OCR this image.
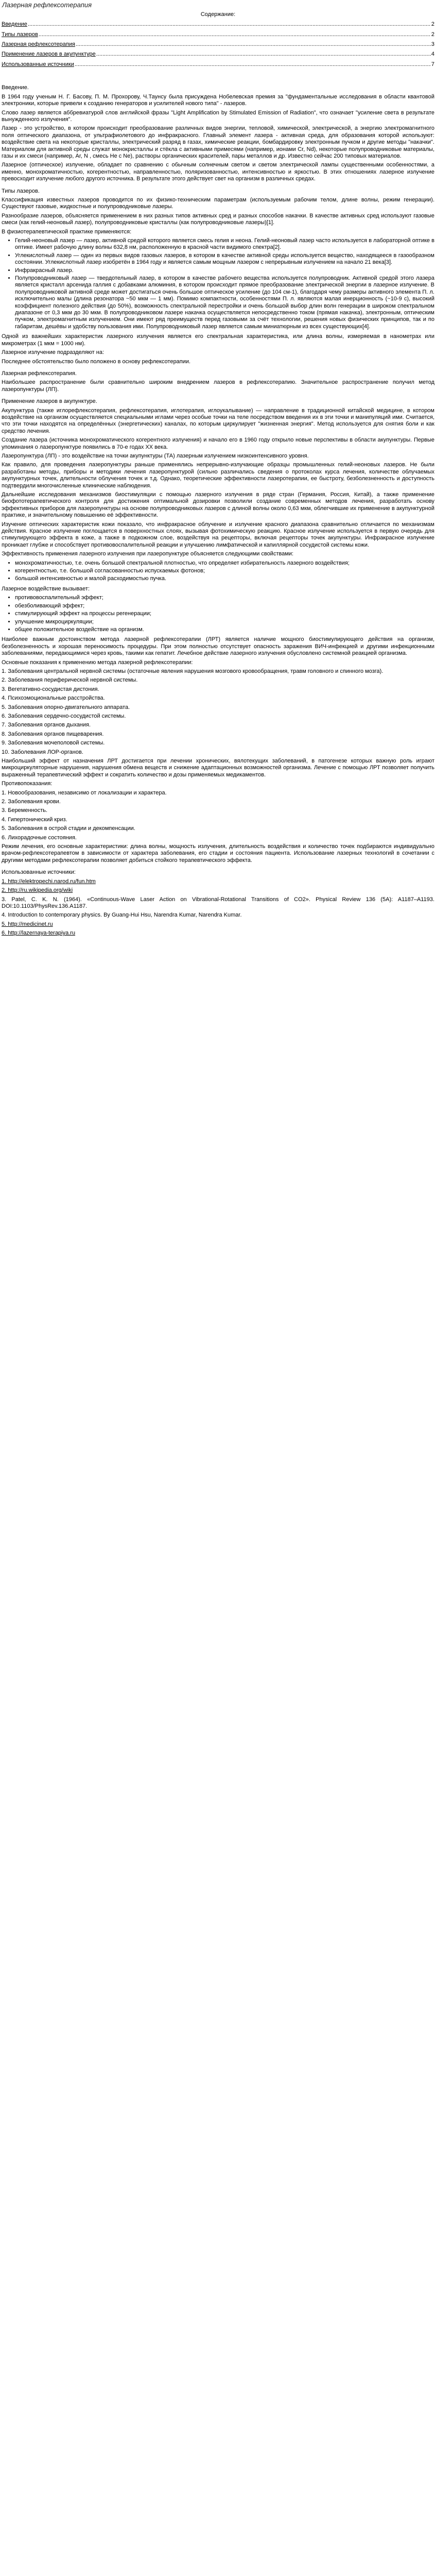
Лазерная рефлексотерапия
Содержание:
Введение .....	2
Типы лазеров .....	2
Лазерная рефлексотерапия .....	3
Применение лазеров в акупунктуре .....	4
Использованные источники .....	7
Введение.

В 1964 году ученым Н. Г. Басову, П. М. Прохорову, Ч.Таунсу была присуждена Нобелевская премия за "фундаментальные исследования в области квантовой электроники, которые привели к созданию генераторов и усилителей нового типа" - лазеров.

Слово лазер является аббревиатурой слов английской фразы "Light Amplification by Stimulated Emission of Radiation", что означает "усиление света в результате вынужденного излучения".

Лазер - это устройство, в котором происходит преобразование различных видов энергии, тепловой, химической, электрической, а энергию электромагнитного поля оптического диапазона, от ультрафиолетового до инфракрасного. Главный элемент лазера - активная среда, для образования которой используют: воздействие света на некоторые кристаллы, электрический разряд в газах, химические реакции, бомбардировку электронным пучком и другие методы "накачки". Материалом для активной среды служат монокристаллы и стёкла с активными примесями (например, ионами Cr, Nd), некоторые полупроводниковые материалы, газы и их смеси (например, Ar, N , смесь He с Ne), растворы органических красителей, пары металлов и др. Известно сейчас 200 типовых материалов.

Лазерное (оптическое) излучение, обладает по сравнению с обычным солнечным светом и светом электрической лампы существенными особенностями, а именно, монохроматичностью, когерентностью, направленностью, поляризованностью, интенсивностью и яркостью. В этих отношениях лазерное излучение превосходит излучение любого другого источника. В результате этого действует свет на организм в различных средах.

Типы лазеров.

Классификация известных лазеров проводится по их физико-техническим параметрам (используемым рабочим телом, длине волны, режим генерации). Существуют газовые, жидкостные и полупроводниковые лазеры.

Разнообразие лазеров, объясняется применением в них разных типов активных сред и разных способов накачки. В качестве активных сред используют газовые смеси (как гелий-неоновый лазер), полупроводниковые кристаллы (как полупроводниковые лазеры)[1].

В физиотерапевтической практике применяются:

• Гелий-неоновый лазер — лазер, активной средой которого является смесь гелия и неона. Гелий-неоновый лазер часто используется в лабораторной оптике в оптике. Имеет рабочую длину волны 632,8 нм, расположенную в красной части видимого спектра[2].
• Углекислотный лазер — один из первых видов газовых лазеров, в котором в качестве активной среды используется вещество, находящееся в газообразном состоянии. Углекислотный лазер изобретён в 1964 году и является самым мощным лазером с непрерывным излучением на начало 21 века[3].
• Инфракрасный лазер.
• Полупроводниковый лазер — твердотельный лазер, в котором в качестве рабочего вещества используется полупроводник. Активной средой этого лазера является кристалл арсенида галлия с добавками алюминия, в котором происходит прямое преобразование электрической энергии в лазерное излучение. В полупроводниковой активной среде может достигаться очень большое оптическое усиление (до 104 см-1), благодаря чему размеры активного элемента П. л. исключительно малы (длина резонатора ~50 мкм — 1 мм). Помимо компактности, особенностями П. л. являются малая инерционность (~10-9 с), высокий коэффициент полезного действия (до 50%), возможность спектральной перестройки и очень большой выбор длин волн генерации в широком спектральном диапазоне от 0,3 мкм до 30 мкм. В полупроводниковом лазере накачка осуществляется непосредственно током (прямая накачка), электронным, оптическим пучком, электромагнитным излучением. Они имеют ряд преимуществ перед газовыми за счёт технологии, решения новых физических принципов, так и по габаритам, дешёвы и удобству пользования ими. Полупроводниковый лазер является самым миниатюрным из всех существующих[4].

Одной из важнейших характеристик лазерного излучения является его спектральная характеристика, или длина волны, измеряемая в нанометрах или микрометрах (1 мкм = 1000 нм).

Лазерное излучение подразделяют на:

Последнее обстоятельство было положено в основу рефлексотерапии.

Лазерная рефлексотерапия.

Наибольшее распространение были сравнительно широким внедрением лазеров в рефлексотерапию. Значительное распространение получил метод лазеропунктуры (ЛП).

Применение лазеров в акупунктуре.

Акупунктура (также иглорефлексотерапия, рефлексотерапия, иглотерапия, иглоукалывание) — направление в традиционной китайской медицине, в котором воздействие на организм осуществляется специальными иглами через особые точки на теле посредством введения их в эти точки и манипуляций ими. Считается, что эти точки находятся на определённых (энергетических) каналах, по которым циркулирует "жизненная энергия". Метод используется для снятия боли и как средство лечения.

Создание лазера (источника монохроматического когерентного излучения) и начало его в 1960 году открыло новые перспективы в области акупунктуры. Первые упоминания о лазеропунктуре появились в 70-е годах XX века.

Лазеропунктура (ЛП) - это воздействие на точки акупунктуры (ТА) лазерным излучением низкоинтенсивного уровня.

Как правило, для проведения лазеропунктуры раньше применялись непрерывно-излучающие образцы промышленных гелий-неоновых лазеров. Не были разработаны методы, приборы и методики лечения лазеропунктурой (сильно различались сведения о протоколах курса лечения, количестве облучаемых акупунктурных точек, длительности облучения точек и т.д. Однако, теоретические эффективности лазеротерапии, ее быстроту, безболезненность и доступность подтвердили многочисленные клинические наблюдения.

Дальнейшие исследования механизмов биостимуляции с помощью лазерного излучения в ряде стран (Германия, Россия, Китай), а также применение биофототерапевтического контроля для достижения оптимальной дозировки позволили создание современных методов лечения, разработать основу эффективных приборов для лазеропунктуры на основе полупроводниковых лазеров с длиной волны около 0,63 мкм, облегчившие их применение в акупунктурной практике, и значительному повышению её эффективности.

Изучение оптических характеристик кожи показало, что инфракрасное облучение и излучение красного диапазона сравнительно отличается по механизмам действия. Красное излучение поглощается в поверхностных слоях, вызывая фотохимическую реакцию. Красное излучение используется в первую очередь для стимулирующего эффекта в коже, а также в подкожном слое, воздействуя на рецепторы, включая рецепторы точек акупунктуры. Инфракрасное излучение проникает глубже и способствует противовоспалительной реакции и улучшению лимфатической и капиллярной сосудистой системы кожи.

Эффективность применения лазерного излучения при лазеропунктуре объясняется следующими свойствами:

• монохроматичностью, т.е. очень большой спектральной плотностью, что определяет избирательность лазерного воздействия;
• когерентностью, т.е. большой согласованностью испускаемых фотонов;
• большой интенсивностью и малой расходимостью пучка.

Лазерное воздействие вызывает:

• противовоспалительный эффект;
• обезболивающий эффект;
• стимулирующий эффект на процессы регенерации;
• улучшение микроциркуляции;
• общее положительное воздействие на организм.

Наиболее важным достоинством метода лазерной рефлексотерапии (ЛРТ) является наличие мощного биостимулирующего действия на организм, безболезненность и хорошая переносимость процедуры. При этом полностью отсутствует опасность заражения ВИЧ-инфекцией и другими инфекционными заболеваниями, передающимися через кровь, такими как гепатит. Лечебное действие лазерного излучения обусловлено системной реакцией организма.

Основные показания к применению метода лазерной рефлексотерапии:

1. Заболевания центральной нервной системы (остаточные явления нарушения мозгового кровообращения, травм головного и спинного мозга).

2. Заболевания периферической нервной системы.

3. Вегетативно-сосудистая дистония.

4. Психоэмоциональные расстройства.

5. Заболевания опорно-двигательного аппарата.

6. Заболевания сердечно-сосудистой системы.

7. Заболевания органов дыхания.

8. Заболевания органов пищеварения.

9. Заболевания мочеполовой системы.

10. Заболевания ЛОР-органов.

Наибольший эффект от назначения ЛРТ достигается при лечении хронических, вялотекущих заболеваний, в патогенезе которых важную роль играют микроциркуляторные нарушения, нарушения обмена веществ и снижение адаптационных возможностей организма. Лечение с помощью ЛРТ позволяет получить выраженный терапевтический эффект и сократить количество и дозы применяемых медикаментов.

Противопоказания:

1. Новообразования, независимо от локализации и характера.

2. Заболевания крови.

3. Беременность.

4. Гипертонический криз.

5. Заболевания в острой стадии и декомпенсации.

6. Лихорадочные состояния.

Режим лечения, его основные характеристики: длина волны, мощность излучения, длительность воздействия и количество точек подбираются индивидуально врачом-рефлексотерапевтом в зависимости от характера заболевания, его стадии и состояния пациента. Использование лазерных технологий в сочетании с другими методами рефлексотерапии позволяет добиться стойкого терапевтического эффекта.

Использованные источники:

1. http://elektropechi.narod.ru/fun.htm

2. http://ru.wikipedia.org/wiki

3. Patel, C. K. N. (1964). «Continuous-Wave Laser Action on Vibrational-Rotational Transitions of CO2». Physical Review 136 (5A): A1187–A1193. DOI:10.1103/PhysRev.136.A1187.

4. Introduction to contemporary physics. By Guang-Hui Hsu, Narendra Kumar, Narendra Kumar.

5. http://medicinet.ru

6. http://lazernaya-terapiya.ru
